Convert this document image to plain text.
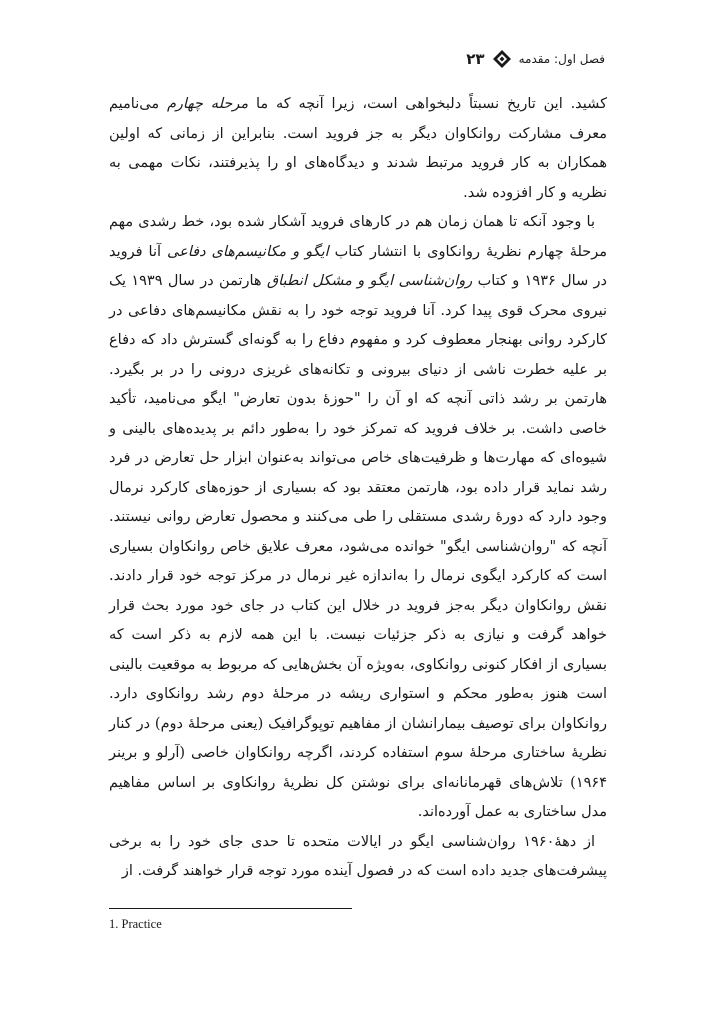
فصل اول: مقدمه
۲۳

کشید. این تاریخ نسبتاً دلبخواهی است، زیرا آنچه که ما مرحله چهارم می‌نامیم معرف مشارکت روانکاوان دیگر به جز فروید است. بنابراین از زمانی که اولین همکاران به کار فروید مرتبط شدند و دیدگاه‌های او را پذیرفتند، نکات مهمی به نظریه و کار افزوده شد.

با وجود آنکه تا همان زمان هم در کارهای فروید آشکار شده بود، خط رشدی مهم مرحلهٔ چهارم نظریهٔ روانکاوی با انتشار کتاب ایگو و مکانیسم‌های دفاعی آنا فروید در سال ۱۹۳۶ و کتاب روان‌شناسی ایگو و مشکل انطباق هارتمن در سال ۱۹۳۹ یک نیروی محرک قوی پیدا کرد. آنا فروید توجه خود را به نقش مکانیسم‌های دفاعی در کارکرد روانی بهنجار معطوف کرد و مفهوم دفاع را به گونه‌ای گسترش داد که دفاع بر علیه خطرت ناشی از دنیای بیرونی و تکانه‌های غریزی درونی را در بر بگیرد. هارتمن بر رشد ذاتی آنچه که او آن را "حوزهٔ بدون تعارض" ایگو می‌نامید، تأکید خاصی داشت. بر خلاف فروید که تمرکز خود را به‌طور دائم بر پدیده‌های بالینی و شیوه‌ای که مهارت‌ها و ظرفیت‌های خاص می‌تواند به‌عنوان ابزار حل تعارض در فرد رشد نماید قرار داده بود، هارتمن معتقد بود که بسیاری از حوزه‌های کارکرد نرمال وجود دارد که دورهٔ رشدی مستقلی را طی می‌کنند و محصول تعارض روانی نیستند. آنچه که "روان‌شناسی ایگو" خوانده می‌شود، معرف علایق خاص روانکاوان بسیاری است که کارکرد ایگوی نرمال را به‌اندازه غیر نرمال در مرکز توجه خود قرار دادند. نقش روانکاوان دیگر به‌جز فروید در خلال این کتاب در جای خود مورد بحث قرار خواهد گرفت و نیازی به ذکر جزئیات نیست. با این همه لازم به ذکر است که بسیاری از افکار کنونی روانکاوی، به‌ویژه آن بخش‌هایی که مربوط به موقعیت بالینی است هنوز به‌طور محکم و استواری ریشه در مرحلهٔ دوم رشد روانکاوی دارد. روانکاوان برای توصیف بیمارانشان از مفاهیم توپوگرافیک (یعنی مرحلهٔ دوم) در کنار نظریهٔ ساختاری مرحلهٔ سوم استفاده کردند، اگرچه روانکاوان خاصی (آرلو و برینر ۱۹۶۴) تلاش‌های قهرمانانه‌ای برای نوشتن کل نظریهٔ روانکاوی بر اساس مفاهیم مدل ساختاری به عمل آورده‌اند.

از دههٔ۱۹۶۰ روان‌شناسی ایگو در ایالات متحده تا حدی جای خود را به برخی پیشرفت‌های جدید داده است که در فصول آینده مورد توجه قرار خواهند گرفت. از

1. Practice
